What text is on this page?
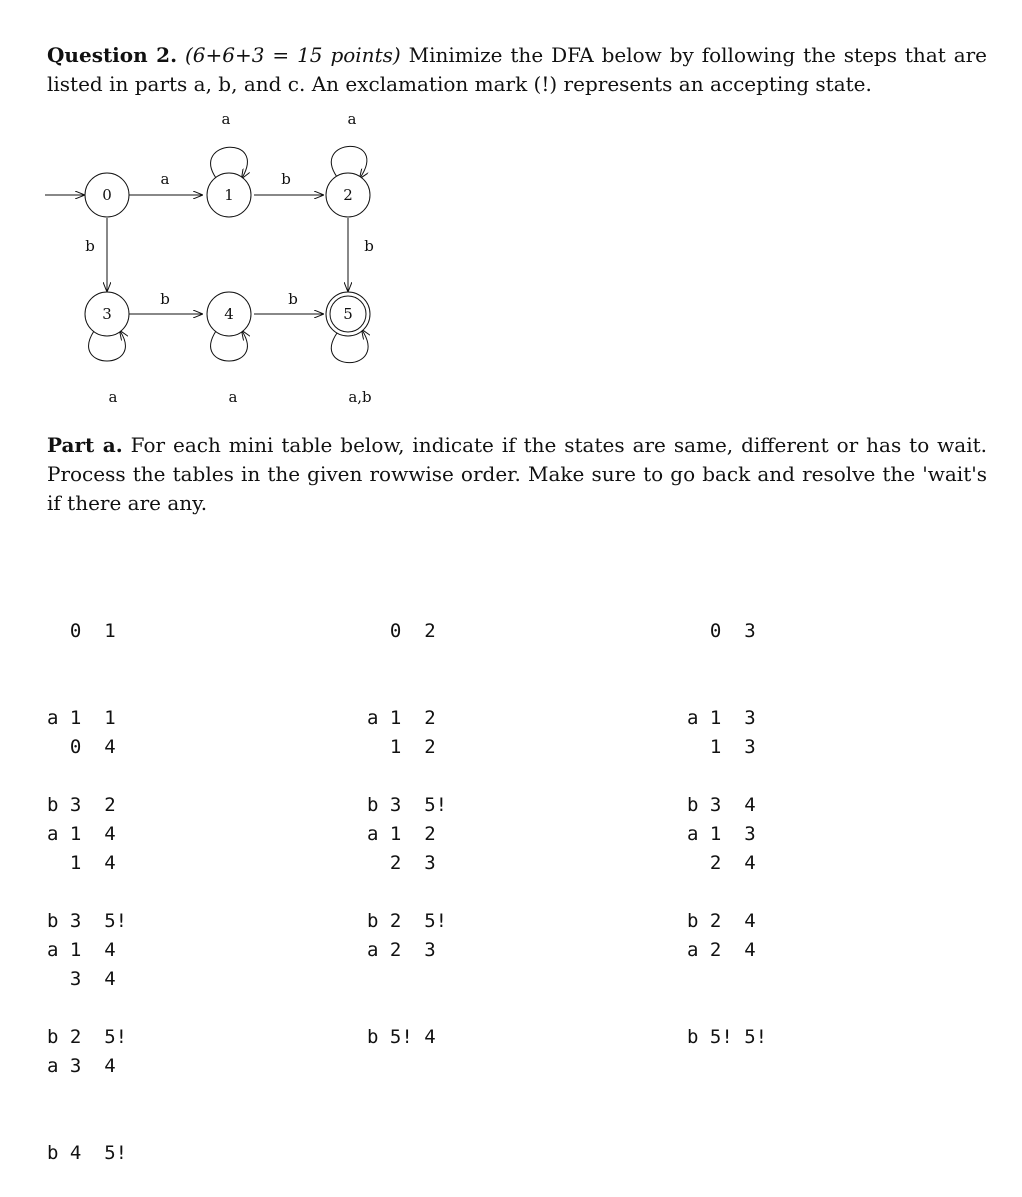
Question 2. (6+6+3 = 15 points) Minimize the DFA below by following the steps that are listed in parts a, b, and c. An exclamation mark (!) represents an accepting state.
0	1	2
3	4	5
a	b
b	b
b	b
a	a
a	a	a,b
Part a. For each mini table below, indicate if the states are same, different or has to wait. Process the tables in the given rowwise order. Make sure to go back and resolve the 'wait's if there are any.

0  1

a 1  1

b 3  2

0  2

a 1  2

b 3  5!

0  3

a 1  3

b 3  4

0  4

a 1  4

b 3  5!

1  2

a 1  2

b 2  5!

1  3

a 1  3

b 2  4

1  4

a 1  4

b 2  5!

2  3

a 2  3

b 5! 4

2  4

a 2  4

b 5! 5!

3  4

a 3  4

b 4  5!
